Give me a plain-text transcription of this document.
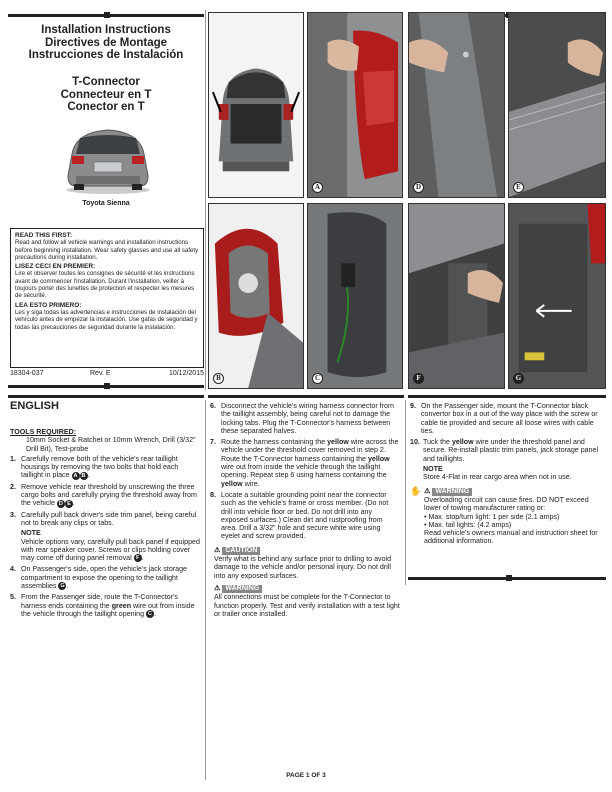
Installation Instructions
Directives de Montage
Instrucciones de Instalación
T-Connector
Connecteur en T
Conector en T
Toyota Sienna
READ THIS FIRST:
Read and follow all vehicle warnings and installation instructions before beginning installation. Wear safety glasses and use all safety precautions during installation.
LISEZ CECI EN PREMIER:
Lire et observer toutes les consignes de sécurité et les instructions avant de commencer l'installation. Durant l'installation, veiller à toujours porter des lunettes de protection et respecter les mesures de sécurité.
LEA ESTO PRIMERO:
Les y siga todas las advertencias e instrucciones de instalación del vehículo antes de empezar la instalación. Use gafas de seguridad y todas las precauciones de seguridad durante la instalación.
18304-037	Rev. E	10/12/2015
A	D	E
B	C	F	G
ENGLISH
TOOLS REQUIRED:
10mm Socket & Ratchet or 10mm Wrench, Drill (3/32" Drill Bit), Test-probe
1. Carefully remove both of the vehicle's rear taillight housings by removing the two bolts that hold each taillight in place A B .
2. Remove vehicle rear threshold by unscrewing the three cargo bolts and carefully prying the threshold away from the vehicle D E .
3. Carefully pull back driver's side trim panel, being careful not to break any clips or tabs.
NOTE
Vehicle options vary, carefully pull back panel if equipped with rear speaker cover. Screws or clips holding cover may come off during panel removal F .
4. On Passenger's side, open the vehicle's jack storage compartment to expose the opening to the taillight assemblies G .
5. From the Passenger side, route the T-Connector's harness ends containing the green wire out from inside the vehicle through the taillight opening C .
6. Disconnect the vehicle's wiring harness connector from the taillight assembly, being careful not to damage the locking tabs. Plug the T-Connector's harness between these separated halves.
7. Route the harness containing the yellow wire across the vehicle under the threshold cover removed in step 2. Route the T-Connector harness containing the yellow wire out from inside the vehicle through the taillight opening. Repeat step 6 using harness containing the yellow wire.
8. Locate a suitable grounding point near the connector such as the vehicle's frame or cross member. (Do not drill into vehicle floor or bed. Do not drill into any exposed surfaces.) Clean dirt and rustproofing from area. Drill a 3/32" hole and secure white wire using eyelet and screw provided.
⚠ CAUTION
Verify what is behind any surface prior to drilling to avoid damage to the vehicle and/or personal injury. Do not drill into any exposed surfaces.
⚠ WARNING
All connections must be complete for the T-Connector to function properly. Test and verify installation with a test light or trailer once installed.
9. On the Passenger side, mount the T-Connector black convertor box in a out of the way place with the screw or cable tie provided and secure all loose wires with cable ties.
10. Tuck the yellow wire under the threshold panel and secure. Re-install plastic trim panels, jack storage panel and taillights.
NOTE
Store 4-Flat in rear cargo area when not in use.
✋ ⚠ WARNING
Overloading circuit can cause fires. DO NOT exceed lower of towing manufacturer rating or:
• Max. stop/turn light: 1 per side (2.1 amps)
• Max. tail lights: (4.2 amps)
Read vehicle's owners manual and instruction sheet for additional information.
PAGE 1 OF 3
